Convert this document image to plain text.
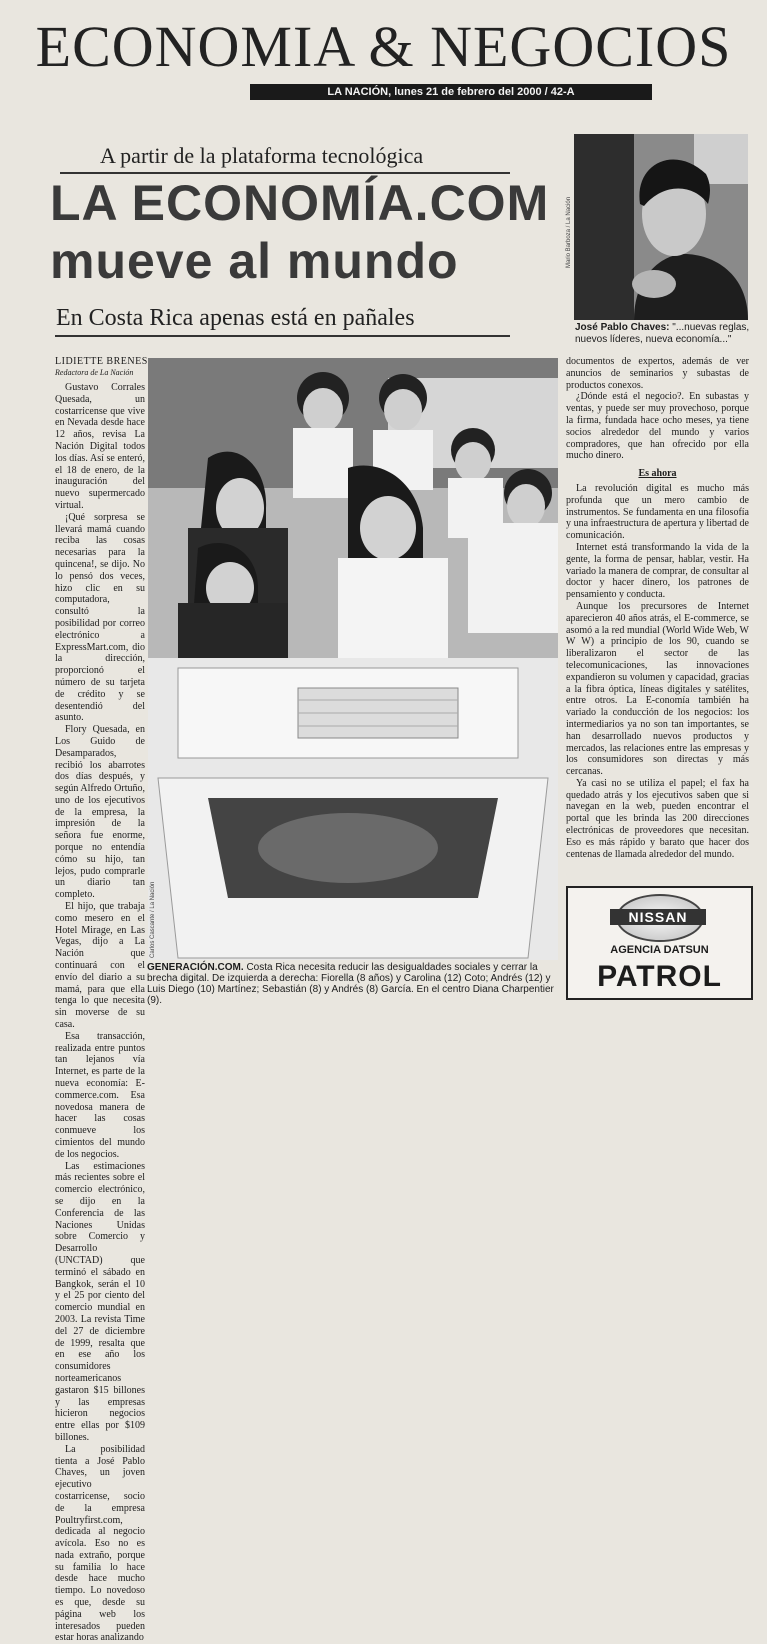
ECONOMIA & NEGOCIOS
LA NACIÓN, lunes 21 de febrero del 2000 / 42-A
A partir de la plataforma tecnológica
LA ECONOMÍA.COM
mueve al mundo
En Costa Rica apenas está en pañales
Mario Barboza / La Nación
José Pablo Chaves: "...nuevas reglas, nuevos líderes, nueva economía..."
LIDIETTE BRENES
Redactora de La Nación

Gustavo Corrales Quesada, un costarricense que vive en Nevada desde hace 12 años, revisa La Nación Digital todos los días. Así se enteró, el 18 de enero, de la inauguración del nuevo supermercado virtual.

¡Qué sorpresa se llevará mamá cuando reciba las cosas necesarias para la quincena!, se dijo. No lo pensó dos veces, hizo clic en su computadora, consultó la posibilidad por correo electrónico a ExpressMart.com, dio la dirección, proporcionó el número de su tarjeta de crédito y se desentendió del asunto.

Flory Quesada, en Los Guido de Desamparados, recibió los abarrotes dos días después, y según Alfredo Ortuño, uno de los ejecutivos de la empresa, la impresión de la señora fue enorme, porque no entendía cómo su hijo, tan lejos, pudo comprarle un diario tan completo.

El hijo, que trabaja como mesero en el Hotel Mirage, en Las Vegas, dijo a La Nación que continuará con el envío del diario a su mamá, para que ella tenga lo que necesita sin moverse de su casa.

Esa transacción, realizada entre puntos tan lejanos vía Internet, es parte de la nueva economía: E-commerce.com. Esa novedosa manera de hacer las cosas conmueve los cimientos del mundo de los negocios.

Las estimaciones más recientes sobre el comercio electrónico, se dijo en la Conferencia de las Naciones Unidas sobre Comercio y Desarrollo (UNCTAD) que terminó el sábado en Bangkok, serán el 10 y el 25 por ciento del comercio mundial en 2003. La revista Time del 27 de diciembre de 1999, resalta que en ese año los consumidores norteamericanos gastaron $15 billones y las empresas hicieron negocios entre ellas por $109 billones.

La posibilidad tienta a José Pablo Chaves, un joven ejecutivo costarricense, socio de la empresa Poultryfirst.com, dedicada al negocio avícola. Eso no es nada extraño, porque su familia lo hace desde hace mucho tiempo. Lo novedoso es que, desde su página web los interesados pueden estar horas analizando

Carlos Cascante / La Nación
GENERACIÓN.COM. Costa Rica necesita reducir las desigualdades sociales y cerrar la brecha digital. De izquierda a derecha: Fiorella (8 años) y Carolina (12) Coto; Andrés (12) y Luis Diego (10) Martínez; Sebastián (8) y Andrés (8) García. En el centro Diana Charpentier (9).

documentos de expertos, además de ver anuncios de seminarios y subastas de productos conexos.

¿Dónde está el negocio?. En subastas y ventas, y puede ser muy provechoso, porque la firma, fundada hace ocho meses, ya tiene socios alrededor del mundo y varios compradores, que han ofrecido por ella mucho dinero.

Es ahora

La revolución digital es mucho más profunda que un mero cambio de instrumentos. Se fundamenta en una filosofía y una infraestructura de apertura y libertad de comunicación.

Internet está transformando la vida de la gente, la forma de pensar, hablar, vestir. Ha variado la manera de comprar, de consultar al doctor y hacer dinero, los patrones de pensamiento y conducta.

Aunque los precursores de Internet aparecieron 40 años atrás, el E-commerce, se asomó a la red mundial (World Wide Web, W W W) a principio de los 90, cuando se liberalizaron el sector de las telecomunicaciones, las innovaciones expandieron su volumen y capacidad, gracias a la fibra óptica, líneas digitales y satélites, entre otros. La E-conomía también ha variado la conducción de los negocios: los intermediarios ya no son tan importantes, se han desarrollado nuevos productos y mercados, las relaciones entre las empresas y los consumidores son directas y más cercanas.

Ya casi no se utiliza el papel; el fax ha quedado atrás y los ejecutivos saben que si navegan en la web, pueden encontrar el portal que les brinda las 200 direcciones electrónicas de proveedores que necesitan. Eso es más rápido y barato que hacer dos centenas de llamada alrededor del mundo.

NISSAN
AGENCIA DATSUN
PATROL
